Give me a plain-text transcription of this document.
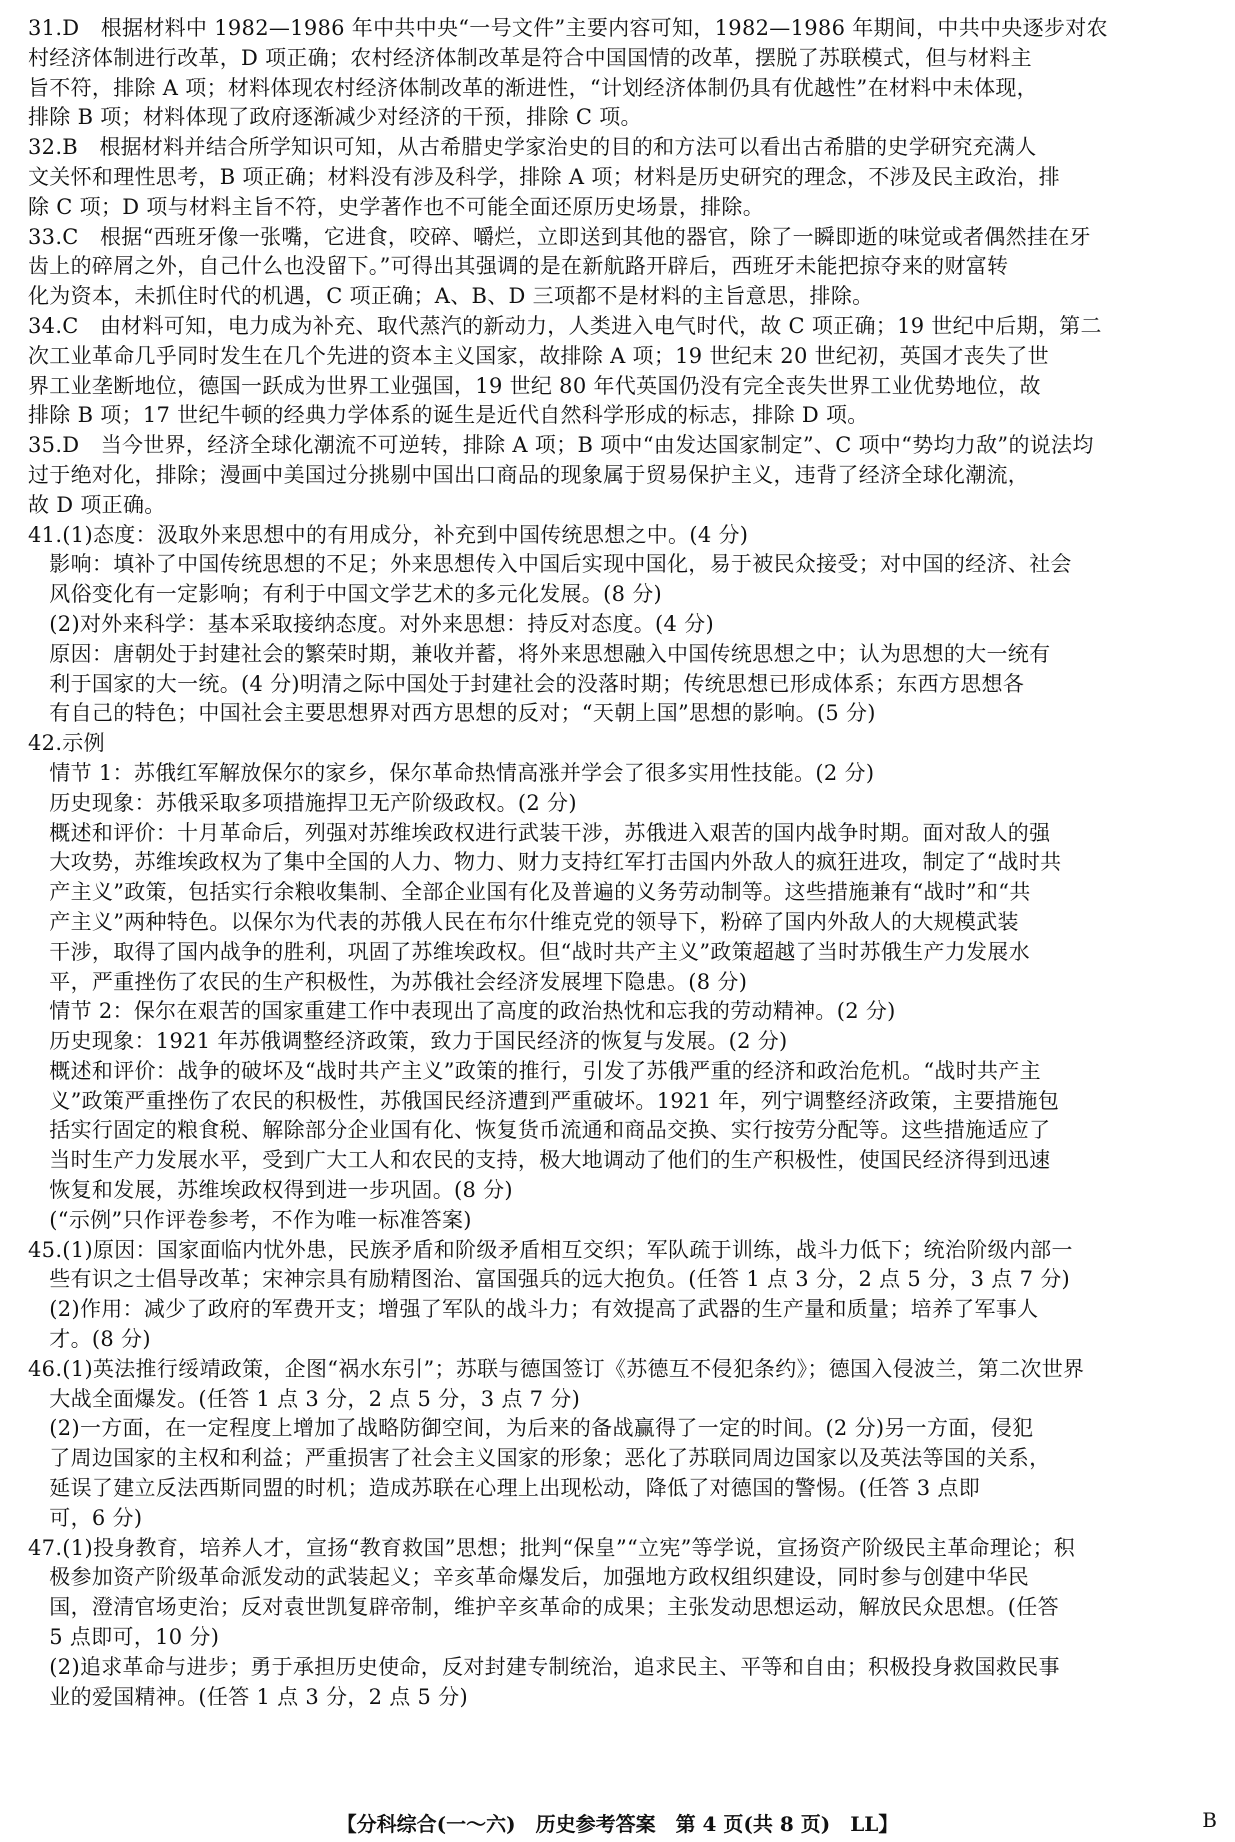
31.D　根据材料中 1982—1986 年中共中央“一号文件”主要内容可知，1982—1986 年期间，中共中央逐步对农
村经济体制进行改革，D 项正确；农村经济体制改革是符合中国国情的改革，摆脱了苏联模式，但与材料主
旨不符，排除 A 项；材料体现农村经济体制改革的渐进性，“计划经济体制仍具有优越性”在材料中未体现，
排除 B 项；材料体现了政府逐渐减少对经济的干预，排除 C 项。
32.B　根据材料并结合所学知识可知，从古希腊史学家治史的目的和方法可以看出古希腊的史学研究充满人
文关怀和理性思考，B 项正确；材料没有涉及科学，排除 A 项；材料是历史研究的理念，不涉及民主政治，排
除 C 项；D 项与材料主旨不符，史学著作也不可能全面还原历史场景，排除。
33.C　根据“西班牙像一张嘴，它进食，咬碎、嚼烂，立即送到其他的器官，除了一瞬即逝的味觉或者偶然挂在牙
齿上的碎屑之外，自己什么也没留下。”可得出其强调的是在新航路开辟后，西班牙未能把掠夺来的财富转
化为资本，未抓住时代的机遇，C 项正确；A、B、D 三项都不是材料的主旨意思，排除。
34.C　由材料可知，电力成为补充、取代蒸汽的新动力，人类进入电气时代，故 C 项正确；19 世纪中后期，第二
次工业革命几乎同时发生在几个先进的资本主义国家，故排除 A 项；19 世纪末 20 世纪初，英国才丧失了世
界工业垄断地位，德国一跃成为世界工业强国，19 世纪 80 年代英国仍没有完全丧失世界工业优势地位，故
排除 B 项；17 世纪牛顿的经典力学体系的诞生是近代自然科学形成的标志，排除 D 项。
35.D　当今世界，经济全球化潮流不可逆转，排除 A 项；B 项中“由发达国家制定”、C 项中“势均力敌”的说法均
过于绝对化，排除；漫画中美国过分挑剔中国出口商品的现象属于贸易保护主义，违背了经济全球化潮流，
故 D 项正确。
41.(1)态度：汲取外来思想中的有用成分，补充到中国传统思想之中。(4 分)
　影响：填补了中国传统思想的不足；外来思想传入中国后实现中国化，易于被民众接受；对中国的经济、社会
　风俗变化有一定影响；有利于中国文学艺术的多元化发展。(8 分)
　(2)对外来科学：基本采取接纳态度。对外来思想：持反对态度。(4 分)
　原因：唐朝处于封建社会的繁荣时期，兼收并蓄，将外来思想融入中国传统思想之中；认为思想的大一统有
　利于国家的大一统。(4 分)明清之际中国处于封建社会的没落时期；传统思想已形成体系；东西方思想各
　有自己的特色；中国社会主要思想界对西方思想的反对；“天朝上国”思想的影响。(5 分)
42.示例
　情节 1：苏俄红军解放保尔的家乡，保尔革命热情高涨并学会了很多实用性技能。(2 分)
　历史现象：苏俄采取多项措施捍卫无产阶级政权。(2 分)
　概述和评价：十月革命后，列强对苏维埃政权进行武装干涉，苏俄进入艰苦的国内战争时期。面对敌人的强
　大攻势，苏维埃政权为了集中全国的人力、物力、财力支持红军打击国内外敌人的疯狂进攻，制定了“战时共
　产主义”政策，包括实行余粮收集制、全部企业国有化及普遍的义务劳动制等。这些措施兼有“战时”和“共
　产主义”两种特色。以保尔为代表的苏俄人民在布尔什维克党的领导下，粉碎了国内外敌人的大规模武装
　干涉，取得了国内战争的胜利，巩固了苏维埃政权。但“战时共产主义”政策超越了当时苏俄生产力发展水
　平，严重挫伤了农民的生产积极性，为苏俄社会经济发展埋下隐患。(8 分)
　情节 2：保尔在艰苦的国家重建工作中表现出了高度的政治热忱和忘我的劳动精神。(2 分)
　历史现象：1921 年苏俄调整经济政策，致力于国民经济的恢复与发展。(2 分)
　概述和评价：战争的破坏及“战时共产主义”政策的推行，引发了苏俄严重的经济和政治危机。“战时共产主
　义”政策严重挫伤了农民的积极性，苏俄国民经济遭到严重破坏。1921 年，列宁调整经济政策，主要措施包
　括实行固定的粮食税、解除部分企业国有化、恢复货币流通和商品交换、实行按劳分配等。这些措施适应了
　当时生产力发展水平，受到广大工人和农民的支持，极大地调动了他们的生产积极性，使国民经济得到迅速
　恢复和发展，苏维埃政权得到进一步巩固。(8 分)
　(“示例”只作评卷参考，不作为唯一标准答案)
45.(1)原因：国家面临内忧外患，民族矛盾和阶级矛盾相互交织；军队疏于训练，战斗力低下；统治阶级内部一
　些有识之士倡导改革；宋神宗具有励精图治、富国强兵的远大抱负。(任答 1 点 3 分，2 点 5 分，3 点 7 分)
　(2)作用：减少了政府的军费开支；增强了军队的战斗力；有效提高了武器的生产量和质量；培养了军事人
　才。(8 分)
46.(1)英法推行绥靖政策，企图“祸水东引”；苏联与德国签订《苏德互不侵犯条约》；德国入侵波兰，第二次世界
　大战全面爆发。(任答 1 点 3 分，2 点 5 分，3 点 7 分)
　(2)一方面，在一定程度上增加了战略防御空间，为后来的备战赢得了一定的时间。(2 分)另一方面，侵犯
　了周边国家的主权和利益；严重损害了社会主义国家的形象；恶化了苏联同周边国家以及英法等国的关系，
　延误了建立反法西斯同盟的时机；造成苏联在心理上出现松动，降低了对德国的警惕。(任答 3 点即
　可，6 分)
47.(1)投身教育，培养人才，宣扬“教育救国”思想；批判“保皇”“立宪”等学说，宣扬资产阶级民主革命理论；积
　极参加资产阶级革命派发动的武装起义；辛亥革命爆发后，加强地方政权组织建设，同时参与创建中华民
　国，澄清官场吏治；反对袁世凯复辟帝制，维护辛亥革命的成果；主张发动思想运动，解放民众思想。(任答
　5 点即可，10 分)
　(2)追求革命与进步；勇于承担历史使命，反对封建专制统治，追求民主、平等和自由；积极投身救国救民事
　业的爱国精神。(任答 1 点 3 分，2 点 5 分)
【分科综合(一～六)　历史参考答案　第 4 页(共 8 页)　LL】	B
